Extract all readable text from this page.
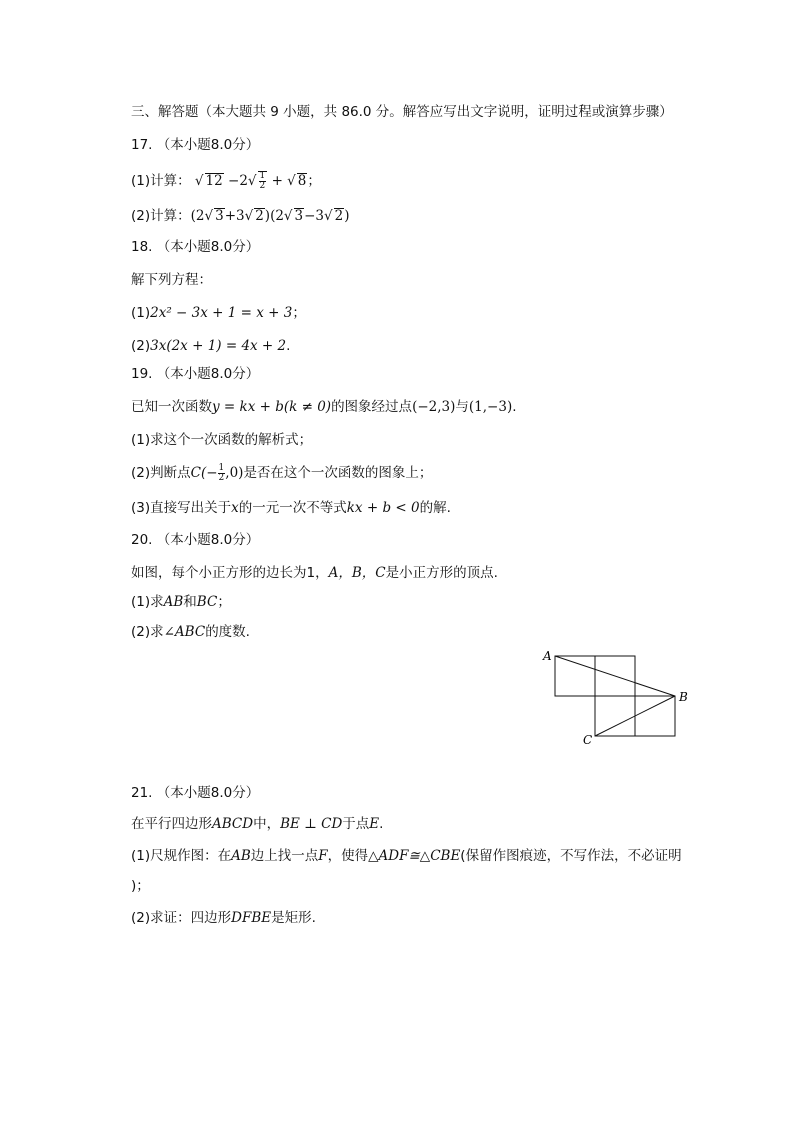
三、解答题（本大题共 9 小题，共 86.0 分。解答应写出文字说明，证明过程或演算步骤）
17. （本小题8.0分）
(1)计算： √ $12 -2√ \frac{1}{2}$ + √ 8；
(2)计算：(2√ 3+3√ 2)(2√ 3−3√ 2)
18. （本小题8.0分）
解下列方程：
(1)2x² − 3x + 1 = x + 3；
(2)3x(2x + 1) = 4x + 2.
19. （本小题8.0分）
已知一次函数y = kx + b(k ≠ 0)的图象经过点(−2,3)与(1,−3).
(1)求这个一次函数的解析式；
(2)判断点$C(- \frac{1}{2} ,0)$是否在这个一次函数的图象上；
(3)直接写出关于x的一元一次不等式kx + b < 0的解.
20. （本小题8.0分）
如图，每个小正方形的边长为1，A，B，C是小正方形的顶点.
(1)求AB和BC；
(2)求∠ABC的度数.
A
B
C
21. （本小题8.0分）
在平行四边形ABCD中，BE ⊥ CD于点E.
(1)尺规作图：在AB边上找一点F，使得△ADF≅△CBE(保留作图痕迹，不写作法，不必证明
)；
(2)求证：四边形DFBE是矩形.
